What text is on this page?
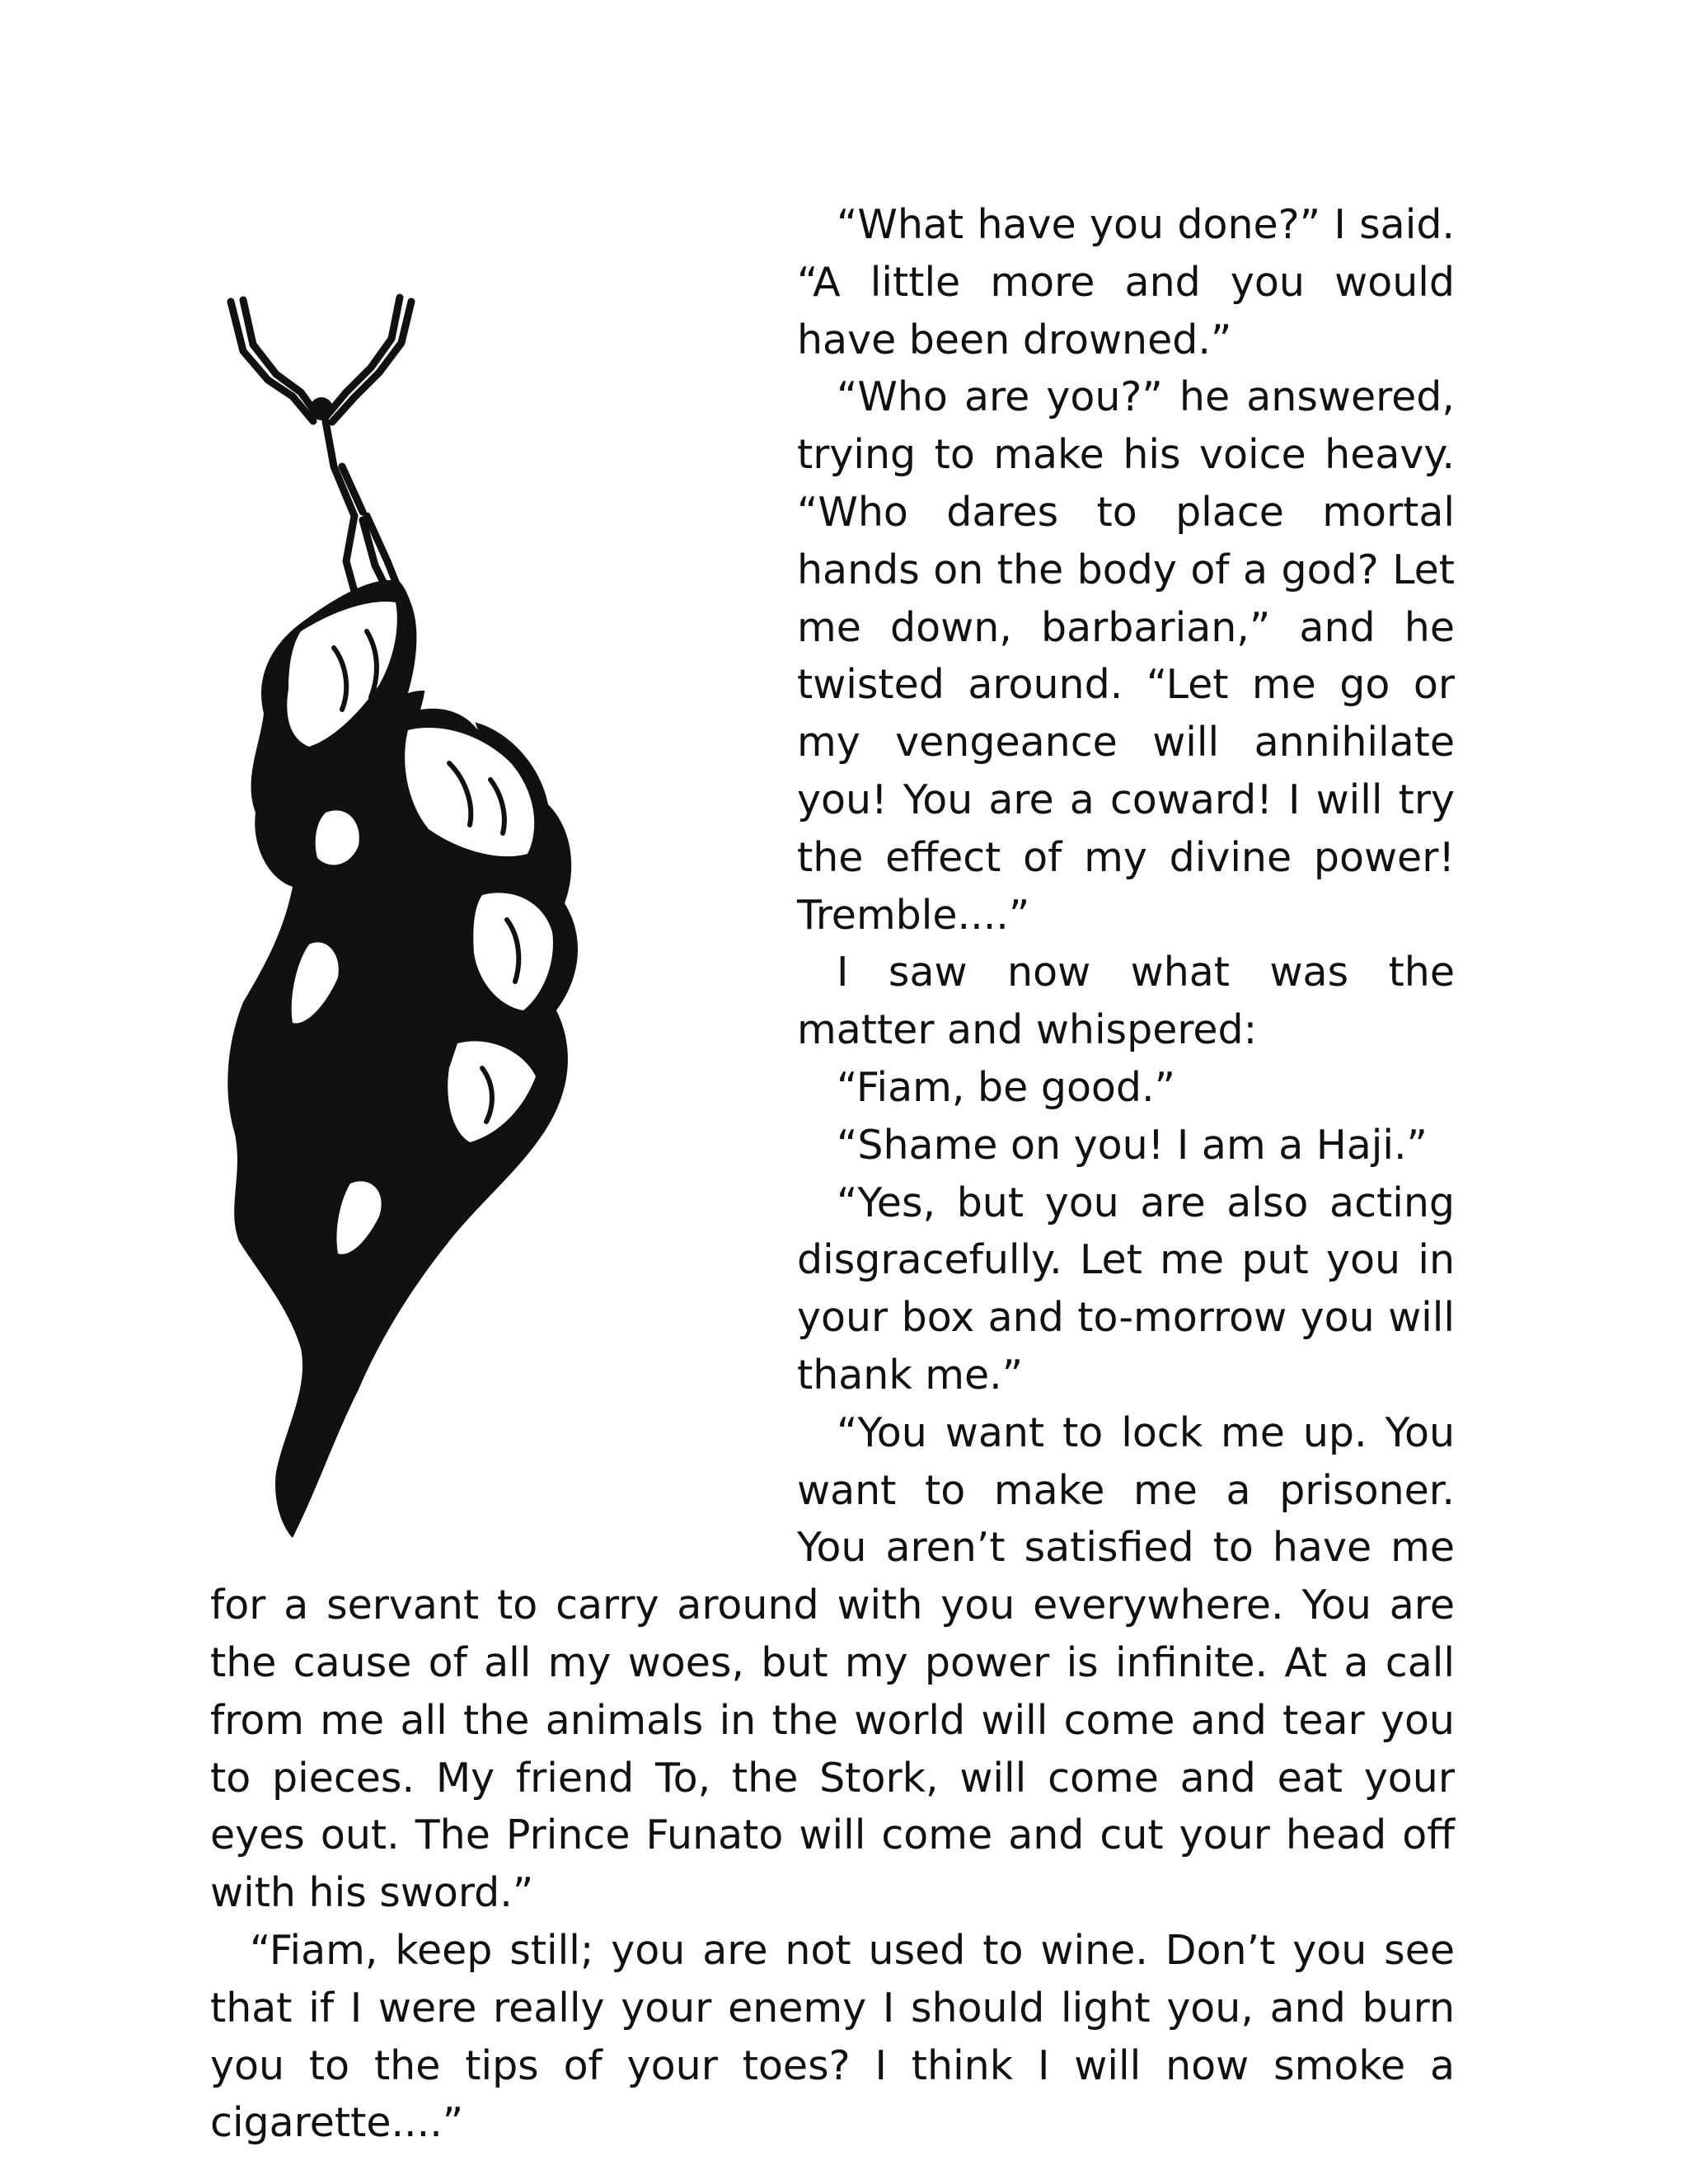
“What have you done?” I said. “A little more and you would have been drowned.”

“Who are you?” he answered, trying to make his voice heavy. “Who dares to place mortal hands on the body of a god? Let me down, barbarian,” and he twisted around. “Let me go or my vengeance will annihilate you! You are a coward! I will try the effect of my divine power! Tremble....”

I saw now what was the matter and whispered:

“Fiam, be good.”

“Shame on you! I am a Haji.”

“Yes, but you are also acting disgracefully. Let me put you in your box and to-morrow you will thank me.”

“You want to lock me up. You want to make me a prisoner. You aren’t satisfied to have me for a servant to carry around with you everywhere. You are the cause of all my woes, but my power is infinite. At a call from me all the animals in the world will come and tear you to pieces. My friend To, the Stork, will come and eat your eyes out. The Prince Funato will come and cut your head off with his sword.”

“Fiam, keep still; you are not used to wine. Don’t you see that if I were really your enemy I should light you, and burn you to the tips of your toes? I think I will now smoke a cigarette....”
